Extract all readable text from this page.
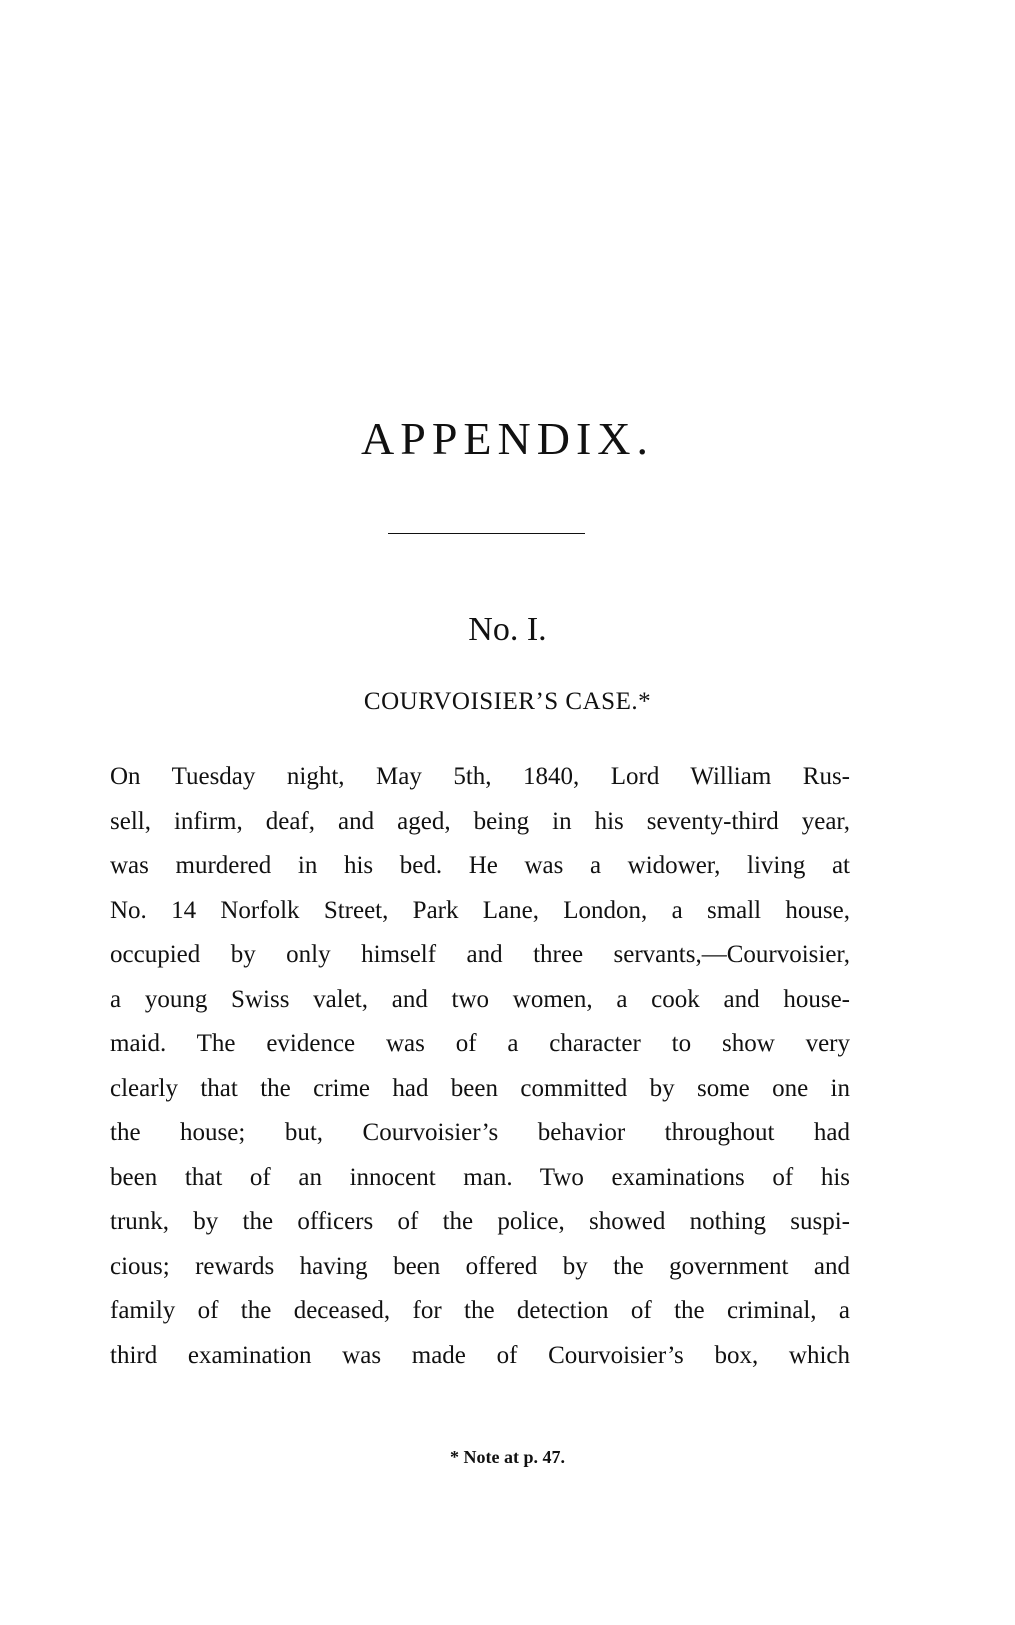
APPENDIX.
No. I.
COURVOISIER’S CASE.*
On Tuesday night, May 5th, 1840, Lord William Rus-
sell, infirm, deaf, and aged, being in his seventy-third year,
was murdered in his bed. He was a widower, living at
No. 14 Norfolk Street, Park Lane, London, a small house,
occupied by only himself and three servants,—Courvoisier,
a young Swiss valet, and two women, a cook and house-
maid. The evidence was of a character to show very
clearly that the crime had been committed by some one in
the house; but, Courvoisier’s behavior throughout had
been that of an innocent man. Two examinations of his
trunk, by the officers of the police, showed nothing suspi-
cious; rewards having been offered by the government and
family of the deceased, for the detection of the criminal, a
third examination was made of Courvoisier’s box, which
* Note at p. 47.
